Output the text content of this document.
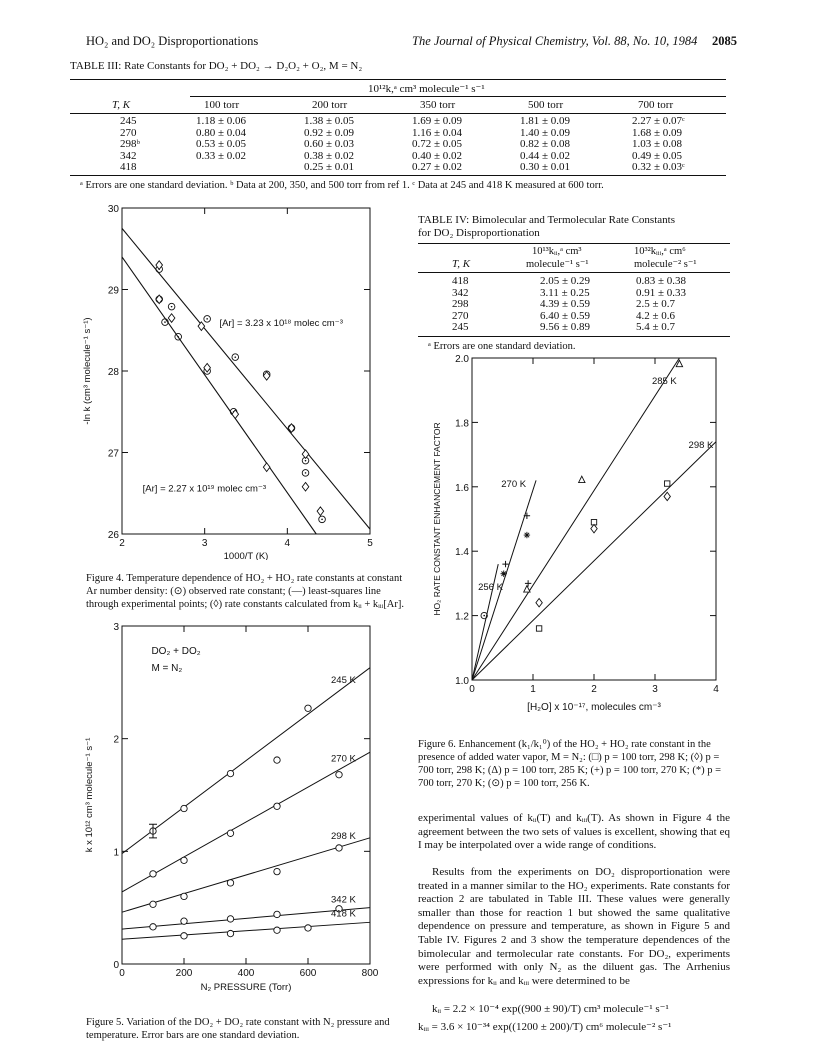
HO₂ and DO₂ Disproportionations	The Journal of Physical Chemistry, Vol. 88, No. 10, 1984 2085
TABLE III: Rate Constants for DO₂ + DO₂ → D₂O₂ + O₂, M = N₂
10¹²k,ᵃ cm³ molecule⁻¹ s⁻¹
T, K	100 torr	200 torr	350 torr	500 torr	700 torr
245	1.18 ± 0.06	1.38 ± 0.05	1.69 ± 0.09	1.81 ± 0.09	2.27 ± 0.07ᶜ
270	0.80 ± 0.04	0.92 ± 0.09	1.16 ± 0.04	1.40 ± 0.09	1.68 ± 0.09
298ᵇ	0.53 ± 0.05	0.60 ± 0.03	0.72 ± 0.05	0.82 ± 0.08	1.03 ± 0.08
342	0.33 ± 0.02	0.38 ± 0.02	0.40 ± 0.02	0.44 ± 0.02	0.49 ± 0.05
418	0.25 ± 0.01	0.27 ± 0.02	0.30 ± 0.01	0.32 ± 0.03ᶜ
ᵃ Errors are one standard deviation. ᵇ Data at 200, 350, and 500 torr from ref 1. ᶜ Data at 245 and 418 K measured at 600 torr.
2	3	4	5
26
27
28
29
30
1000/T (K)
-ln k (cm³ molecule⁻¹ s⁻¹)	[Ar] = 3.23 x 10¹⁸ molec cm⁻³
[Ar] = 2.27 x 10¹⁹ molec cm⁻³
Figure 4. Temperature dependence of HO₂ + HO₂ rate constants at constant Ar number density: (⊙) observed rate constant; (—) least-squares line through experimental points; (◊) rate constants calculated from kᵢᵢ + kᵢᵢᵢ[Ar].
0	200	400	600	800
0
1
2
3
245 K
270 K
298 K
342 K
418 K
DO₂ + DO₂
M = N₂
N₂ PRESSURE (Torr)
k x 10¹² cm³ molecule⁻¹ s⁻¹
Figure 5. Variation of the DO₂ + DO₂ rate constant with N₂ pressure and temperature. Error bars are one standard deviation.
TABLE IV: Bimolecular and Termolecular Rate Constants
for DO₂ Disproportionation
T, K
10¹³kᵢᵢ,ᵃ cm³
molecule⁻¹ s⁻¹
10³²kᵢᵢᵢ,ᵃ cm⁶
molecule⁻² s⁻¹
418	2.05 ± 0.29	0.83 ± 0.38
342	3.11 ± 0.25	0.91 ± 0.33
298	4.39 ± 0.59	2.5 ± 0.7
270	6.40 ± 0.59	4.2 ± 0.6
245	9.56 ± 0.89	5.4 ± 0.7
ᵃ Errors are one standard deviation.
0	1	2	3	4
1.0
1.2
1.4
1.6
1.8
2.0
285 K
298 K
270 K
256 K
[H₂O] x 10⁻¹⁷, molecules cm⁻³
HO₂ RATE CONSTANT ENHANCEMENT FACTOR
Figure 6. Enhancement (k₁/k₁⁰) of the HO₂ + HO₂ rate constant in the presence of added water vapor, M = N₂: (□) p = 100 torr, 298 K; (◊) p = 700 torr, 298 K; (Δ) p = 100 torr, 285 K; (+) p = 100 torr, 270 K; (*) p = 700 torr, 270 K; (⊙) p = 100 torr, 256 K.
experimental values of kᵢᵢ(T) and kᵢᵢᵢ(T). As shown in Figure 4 the agreement between the two sets of values is excellent, showing that eq I may be interpolated over a wide range of conditions.
Results from the experiments on DO₂ disproportionation were treated in a manner similar to the HO₂ experiments. Rate constants for reaction 2 are tabulated in Table III. These values were generally smaller than those for reaction 1 but showed the same qualitative dependence on pressure and temperature, as shown in Figure 5 and Table IV. Figures 2 and 3 show the temperature dependences of the bimolecular and termolecular rate constants. For DO₂, experiments were performed with only N₂ as the diluent gas. The Arrhenius expressions for kᵢᵢ and kᵢᵢᵢ were determined to be
kᵢᵢ = 2.2 × 10⁻⁴ exp((900 ± 90)/T) cm³ molecule⁻¹ s⁻¹
kᵢᵢᵢ = 3.6 × 10⁻³⁴ exp((1200 ± 200)/T) cm⁶ molecule⁻² s⁻¹
